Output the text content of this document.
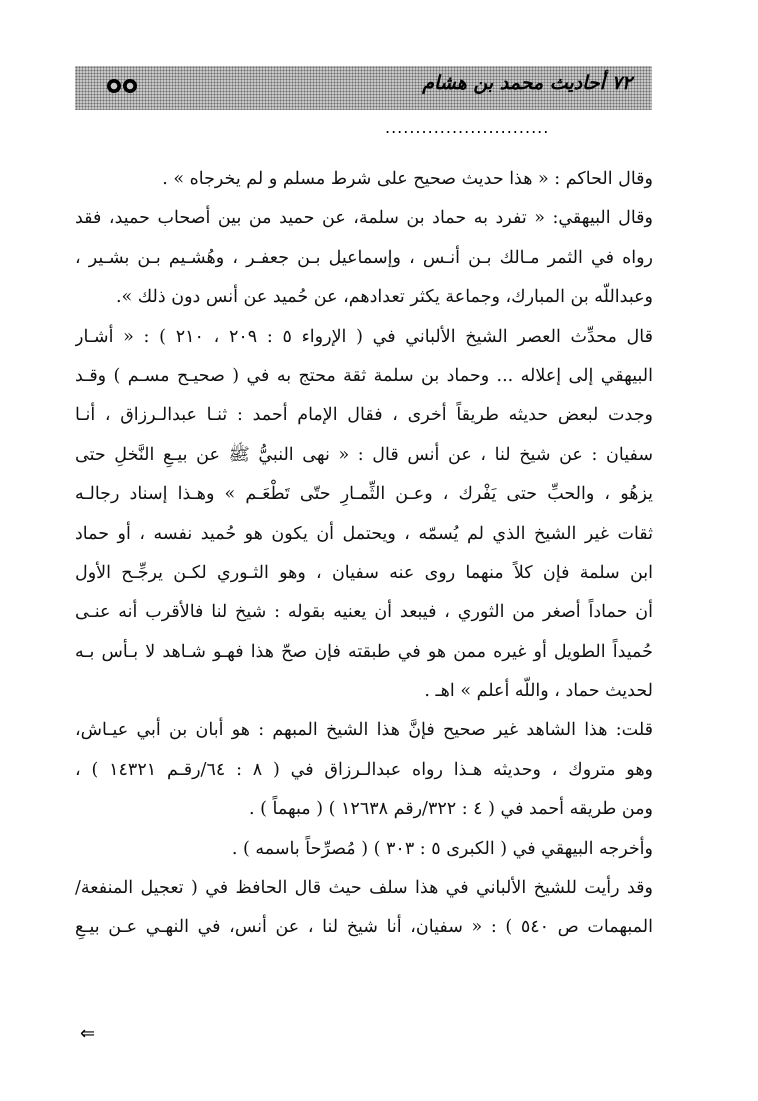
٧٢ أحاديث محمد بن هشام
...........................
وقال الحاكم : « هذا حديث صحيح على شرط مسلم و لم يخرجاه » .
وقال البيهقي: « تفرد به حماد بن سلمة، عن حميد من بين أصحاب حميد، فقد
رواه في الثمر مـالك بـن أنـس ، وإسماعيل بـن جعفـر ، وهُشـيم بـن بشـير ،
وعبداللّه بن المبارك، وجماعة يكثر تعدادهم، عن حُميد عن أنس دون ذلك ».
قال محدِّث العصر الشيخ الألباني في ( الإرواء ٥ : ٢٠٩ ، ٢١٠ ) : « أشـار
البيهقي إلى إعلاله ... وحماد بن سلمة ثقة محتج به في ( صحيـح مسـم ) وقـد
وجدت لبعض حديثه طريقاً أخرى ، فقال الإمام أحمد : ثنـا عبدالـرزاق ، أنـا
سفيان : عن شيخ لنا ، عن أنس قال : « نهى النبيُّ ﷺ عن بيـعِ النَّخلِ حتى
يزهُو ، والحبِّ حتى يَفْرك ، وعـن الثِّمـارِ حتّى تَطْعَـم » وهـذا إسناد رجالـه
ثقات غير الشيخ الذي لم يُسمّه ، ويحتمل أن يكون هو حُميد نفسه ، أو حماد
ابن سلمة فإن كلاً منهما روى عنه سفيان ، وهو الثـوري لكـن يرجِّـح الأول
أن حماداً أصغر من الثوري ، فيبعد أن يعنيه بقوله : شيخ لنا فالأقرب أنه عنـى
حُميداً الطويل أو غيره ممن هو في طبقته فإن صحّ هذا فهـو شـاهد لا بـأس بـه
لحديث حماد ، واللّه أعلم » اهـ .
قلت: هذا الشاهد غير صحيح فإنَّ هذا الشيخ المبهم : هو أبان بن أبي عيـاش،
وهو متروك ، وحديثه هـذا رواه عبدالـرزاق في ( ٨ : ٦٤/رقـم ١٤٣٢١ ) ،
ومن طريقه أحمد في ( ٤ : ٣٢٢/رقم ١٢٦٣٨ ) ( مبهماً ) .
وأخرجه البيهقي في ( الكبرى ٥ : ٣٠٣ ) ( مُصرِّحاً باسمه ) .
وقد رأيت للشيخ الألباني في هذا سلف حيث قال الحافظ في ( تعجيل المنفعة/
المبهمات ص ٥٤٠ ) : « سفيان، أنا شيخ لنا ، عن أنس، في النهـي عـن بيـعِ
⇐
